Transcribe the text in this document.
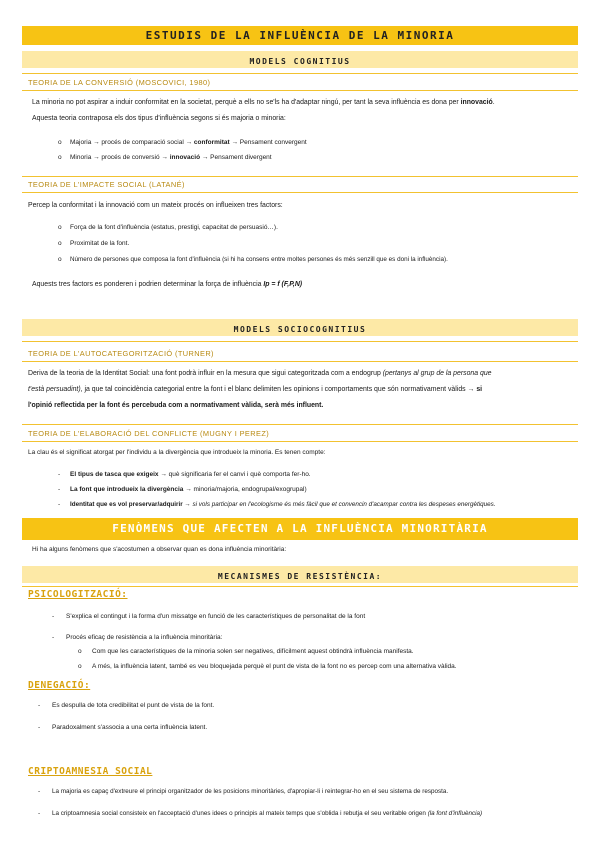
ESTUDIS DE LA INFLUÈNCIA DE LA MINORIA
MODELS COGNITIUS
TEORIA DE LA CONVERSIÓ (MOSCOVICI, 1980)
La minoria no pot aspirar a induir conformitat en la societat, perquè a ells no se'ls ha d'adaptar ningú, per tant la seva influència es dona per innovació.
Aquesta teoria contraposa els dos tipus d'influència segons si és majoria o minoria:
o Majoria → procés de comparació social → conformitat → Pensament convergent
o Minoria → procés de conversió → innovació → Pensament divergent
TEORIA DE L'IMPACTE SOCIAL (LATANÉ)
Percep la conformitat i la innovació com un mateix procés on influeixen tres factors:
o Força de la font d'influència (estatus, prestigi, capacitat de persuasió…).
o Proximitat de la font.
o Número de persones que composa la font d'influència (si hi ha consens entre moltes persones és més senzill que es doni la influència).
Aquests tres factors es ponderen i podrien determinar la força de influència Ip = f (F,P,N)
MODELS SOCIOCOGNITIUS
TEORIA DE L'AUTOCATEGORITZACIÓ (TURNER)
Deriva de la teoria de la Identitat Social: una font podrà influir en la mesura que sigui categoritzada com a endogrup (pertanys al grup de la persona que
t'està persuadint), ja que tal coincidència categorial entre la font i el blanc delimiten les opinions i comportaments que són normativament vàlids → si
l'opinió reflectida per la font és percebuda com a normativament vàlida, serà més influent.
TEORIA DE L'ELABORACIÓ DEL CONFLICTE (MUGNY I PEREZ)
La clau és el significat atorgat per l'individu a la divergència que introdueix la minoria. Es tenen compte:
- El tipus de tasca que exigeix → què significaria fer el canvi i què comporta fer-ho.
- La font que introdueix la divergència → minoria/majoria, endogrupal/exogrupal)
- Identitat que es vol preservar/adquirir → si vols participar en l'ecologisme és més fàcil que et convencin d'acampar contra les despeses energètiques.
FENÒMENS QUE AFECTEN A LA INFLUÈNCIA MINORITÀRIA
Hi ha alguns fenòmens que s'acostumen a observar quan es dona influència minoritària:
MECANISMES DE RESISTÈNCIA:
PSICOLOGITZACIÓ:
- S'explica el contingut i la forma d'un missatge en funció de les característiques de personalitat de la font
- Procés eficaç de resistència a la influència minoritària:
o Com que les característiques de la minoria solen ser negatives, difícilment aquest obtindrà influència manifesta.
o A més, la influència latent, també es veu bloquejada perquè el punt de vista de la font no es percep com una alternativa vàlida.
DENEGACIÓ:
- Es despulla de tota credibilitat el punt de vista de la font.
- Paradoxalment s'associa a una certa influència latent.
CRIPTOAMNESIA SOCIAL
- La majoria es capaç d'extreure el principi organitzador de les posicions minoritàries, d'apropiar-li i reintegrar-ho en el seu sistema de resposta.
- La criptoamnesia social consisteix en l'acceptació d'unes idees o principis al mateix temps que s'oblida i rebutja el seu veritable origen (la font d'influència)
